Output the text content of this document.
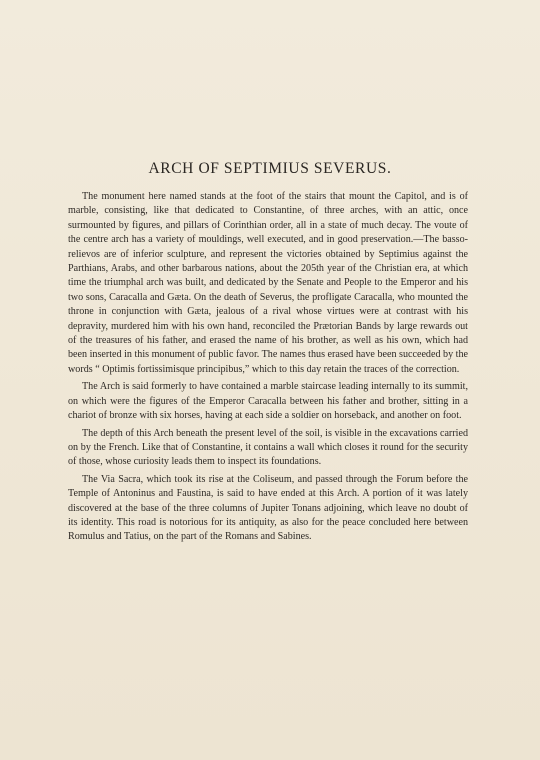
ARCH OF SEPTIMIUS SEVERUS.

The monument here named stands at the foot of the stairs that mount the Capitol, and is of marble, consisting, like that dedicated to Constantine, of three arches, with an attic, once surmounted by figures, and pillars of Corinthian order, all in a state of much decay. The voute of the centre arch has a variety of mouldings, well executed, and in good preservation.—The basso-relievos are of inferior sculpture, and represent the victories obtained by Septimius against the Parthians, Arabs, and other barbarous nations, about the 205th year of the Christian era, at which time the triumphal arch was built, and dedicated by the Senate and People to the Emperor and his two sons, Caracalla and Gæta. On the death of Severus, the profligate Caracalla, who mounted the throne in conjunction with Gæta, jealous of a rival whose virtues were at contrast with his depravity, murdered him with his own hand, reconciled the Prætorian Bands by large rewards out of the treasures of his father, and erased the name of his brother, as well as his own, which had been inserted in this monument of public favor. The names thus erased have been succeeded by the words “ Optimis fortissimisque principibus,” which to this day retain the traces of the correction.

The Arch is said formerly to have contained a marble staircase leading internally to its summit, on which were the figures of the Emperor Caracalla between his father and brother, sitting in a chariot of bronze with six horses, having at each side a soldier on horseback, and another on foot.

The depth of this Arch beneath the present level of the soil, is visible in the excavations carried on by the French. Like that of Constantine, it contains a wall which closes it round for the security of those, whose curiosity leads them to inspect its foundations.

The Via Sacra, which took its rise at the Coliseum, and passed through the Forum before the Temple of Antoninus and Faustina, is said to have ended at this Arch. A portion of it was lately discovered at the base of the three columns of Jupiter Tonans adjoining, which leave no doubt of its identity. This road is notorious for its antiquity, as also for the peace concluded here between Romulus and Tatius, on the part of the Romans and Sabines.
